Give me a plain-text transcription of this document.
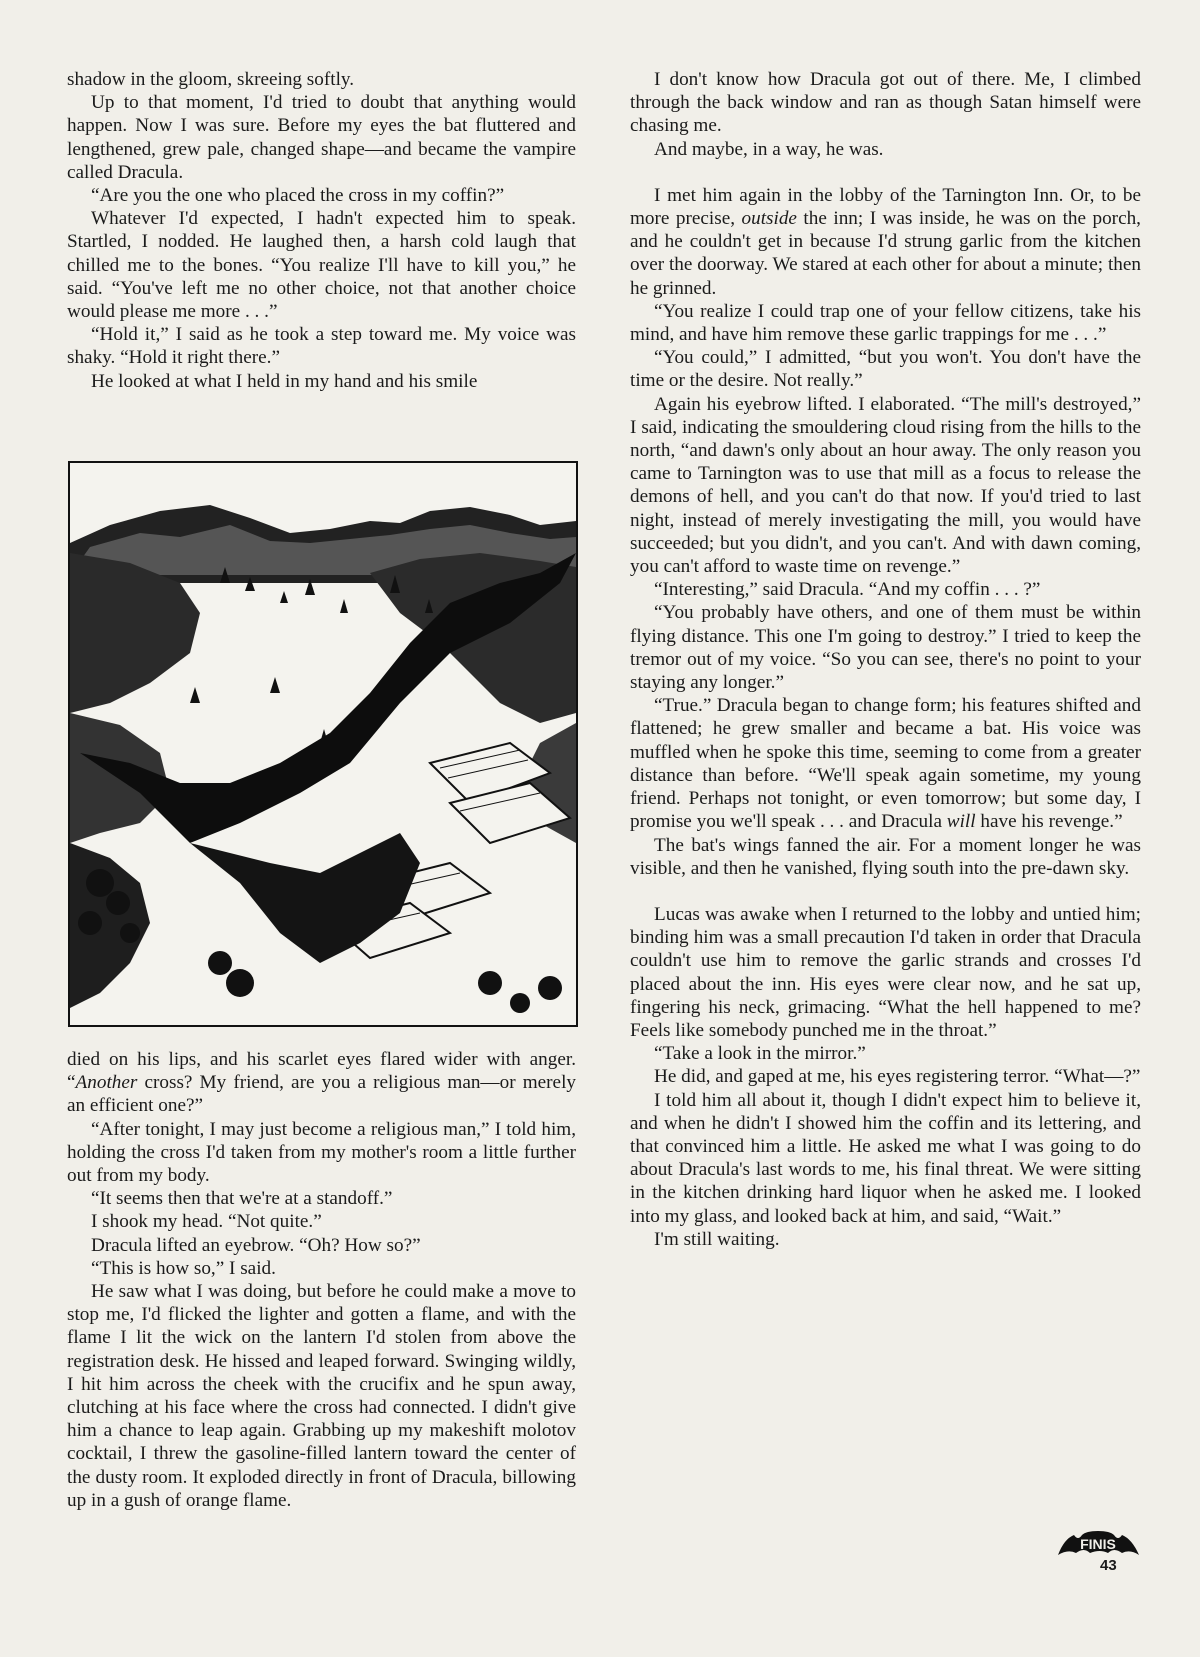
shadow in the gloom, skreeing softly.

Up to that moment, I'd tried to doubt that anything would happen. Now I was sure. Before my eyes the bat fluttered and lengthened, grew pale, changed shape—and became the vampire called Dracula.

“Are you the one who placed the cross in my coffin?”

Whatever I'd expected, I hadn't expected him to speak. Startled, I nodded. He laughed then, a harsh cold laugh that chilled me to the bones. “You realize I'll have to kill you,” he said. “You've left me no other choice, not that another choice would please me more . . .”

“Hold it,” I said as he took a step toward me. My voice was shaky. “Hold it right there.”

He looked at what I held in my hand and his smile

died on his lips, and his scarlet eyes flared wider with anger. “Another cross? My friend, are you a religious man—or merely an efficient one?”

“After tonight, I may just become a religious man,” I told him, holding the cross I'd taken from my mother's room a little further out from my body.

“It seems then that we're at a standoff.”

I shook my head. “Not quite.”

Dracula lifted an eyebrow. “Oh? How so?”

“This is how so,” I said.

He saw what I was doing, but before he could make a move to stop me, I'd flicked the lighter and gotten a flame, and with the flame I lit the wick on the lantern I'd stolen from above the registration desk. He hissed and leaped forward. Swinging wildly, I hit him across the cheek with the crucifix and he spun away, clutching at his face where the cross had connected. I didn't give him a chance to leap again. Grabbing up my makeshift molotov cocktail, I threw the gasoline-filled lantern toward the center of the dusty room. It exploded directly in front of Dracula, billowing up in a gush of orange flame.

I don't know how Dracula got out of there. Me, I climbed through the back window and ran as though Satan himself were chasing me.

And maybe, in a way, he was.

I met him again in the lobby of the Tarnington Inn. Or, to be more precise, outside the inn; I was inside, he was on the porch, and he couldn't get in because I'd strung garlic from the kitchen over the doorway. We stared at each other for about a minute; then he grinned.

“You realize I could trap one of your fellow citizens, take his mind, and have him remove these garlic trappings for me . . .”

“You could,” I admitted, “but you won't. You don't have the time or the desire. Not really.”

Again his eyebrow lifted. I elaborated. “The mill's destroyed,” I said, indicating the smouldering cloud rising from the hills to the north, “and dawn's only about an hour away. The only reason you came to Tarnington was to use that mill as a focus to release the demons of hell, and you can't do that now. If you'd tried to last night, instead of merely investigating the mill, you would have succeeded; but you didn't, and you can't. And with dawn coming, you can't afford to waste time on revenge.”

“Interesting,” said Dracula. “And my coffin . . . ?”

“You probably have others, and one of them must be within flying distance. This one I'm going to destroy.” I tried to keep the tremor out of my voice. “So you can see, there's no point to your staying any longer.”

“True.” Dracula began to change form; his features shifted and flattened; he grew smaller and became a bat. His voice was muffled when he spoke this time, seeming to come from a greater distance than before. “We'll speak again sometime, my young friend. Perhaps not tonight, or even tomorrow; but some day, I promise you we'll speak . . . and Dracula will have his revenge.”

The bat's wings fanned the air. For a moment longer he was visible, and then he vanished, flying south into the pre-dawn sky.

Lucas was awake when I returned to the lobby and untied him; binding him was a small precaution I'd taken in order that Dracula couldn't use him to remove the garlic strands and crosses I'd placed about the inn. His eyes were clear now, and he sat up, fingering his neck, grimacing. “What the hell happened to me? Feels like somebody punched me in the throat.”

“Take a look in the mirror.”

He did, and gaped at me, his eyes registering terror. “What—?”

I told him all about it, though I didn't expect him to believe it, and when he didn't I showed him the coffin and its lettering, and that convinced him a little. He asked me what I was going to do about Dracula's last words to me, his final threat. We were sitting in the kitchen drinking hard liquor when he asked me. I looked into my glass, and looked back at him, and said, “Wait.”

I'm still waiting.

FINIS
43
